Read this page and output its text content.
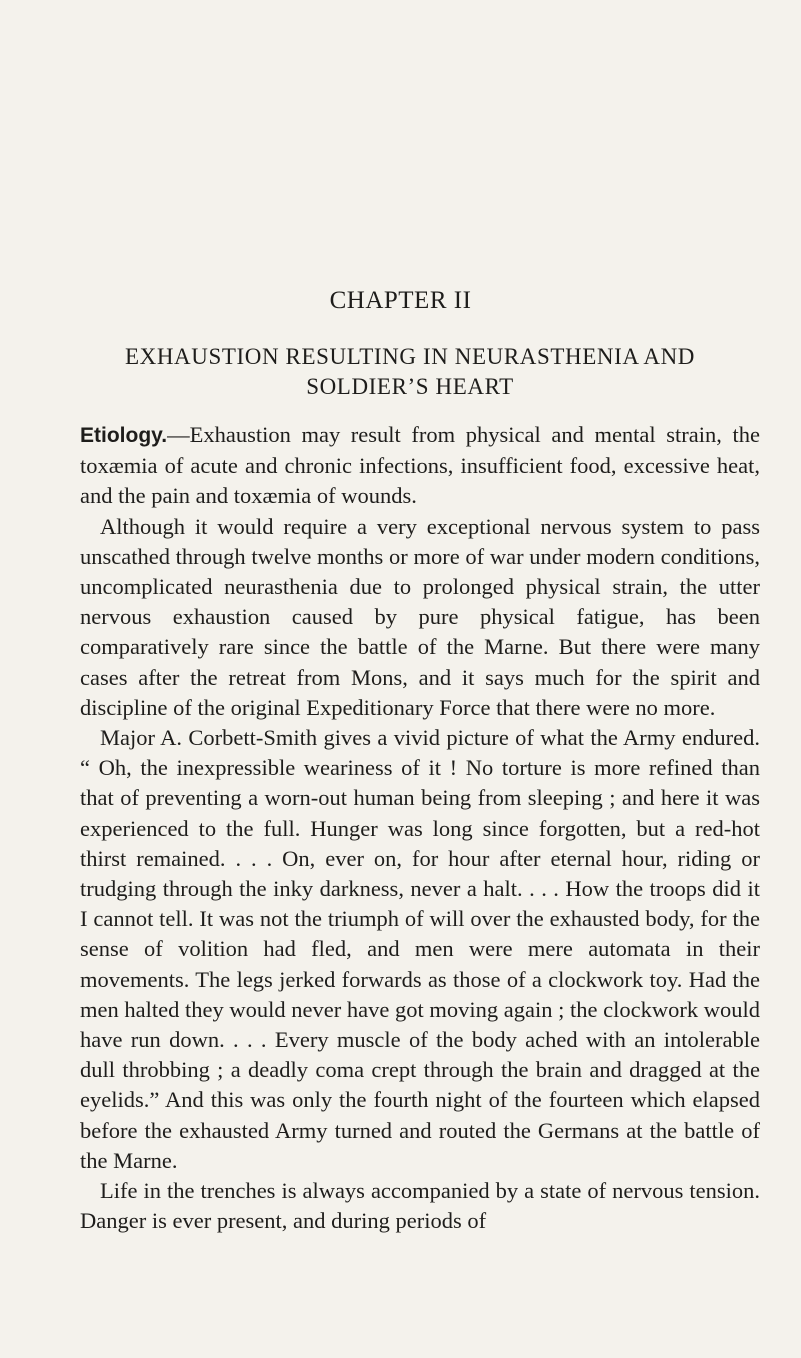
CHAPTER II
EXHAUSTION RESULTING IN NEURASTHENIA AND
SOLDIER’S HEART

Etiology.—Exhaustion may result from physical and mental strain, the toxæmia of acute and chronic infections, insufficient food, excessive heat, and the pain and toxæmia of wounds.

Although it would require a very exceptional nervous system to pass unscathed through twelve months or more of war under modern conditions, uncomplicated neurasthenia due to prolonged physical strain, the utter nervous exhaustion caused by pure physical fatigue, has been comparatively rare since the battle of the Marne. But there were many cases after the retreat from Mons, and it says much for the spirit and discipline of the original Expeditionary Force that there were no more.

Major A. Corbett-Smith gives a vivid picture of what the Army endured. “ Oh, the inexpressible weariness of it ! No torture is more refined than that of preventing a worn-out human being from sleeping ; and here it was experienced to the full. Hunger was long since forgotten, but a red-hot thirst remained. . . . On, ever on, for hour after eternal hour, riding or trudging through the inky darkness, never a halt. . . . How the troops did it I cannot tell. It was not the triumph of will over the exhausted body, for the sense of volition had fled, and men were mere automata in their movements. The legs jerked forwards as those of a clockwork toy. Had the men halted they would never have got moving again ; the clockwork would have run down. . . . Every muscle of the body ached with an intolerable dull throbbing ; a deadly coma crept through the brain and dragged at the eyelids.” And this was only the fourth night of the fourteen which elapsed before the exhausted Army turned and routed the Germans at the battle of the Marne.

Life in the trenches is always accompanied by a state of nervous tension. Danger is ever present, and during periods of
